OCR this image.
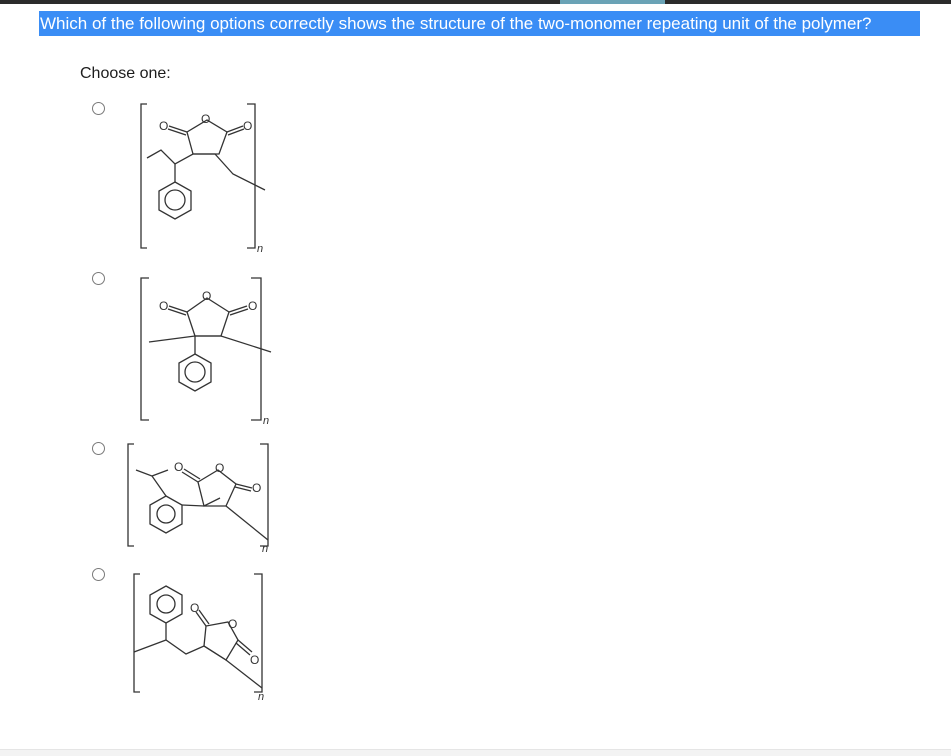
Which of the following options correctly shows the structure of the two-monomer repeating unit of the polymer?
Choose one:
O	O	O
n
O
O
O
n
O	O
O
n
O
O
O
n
